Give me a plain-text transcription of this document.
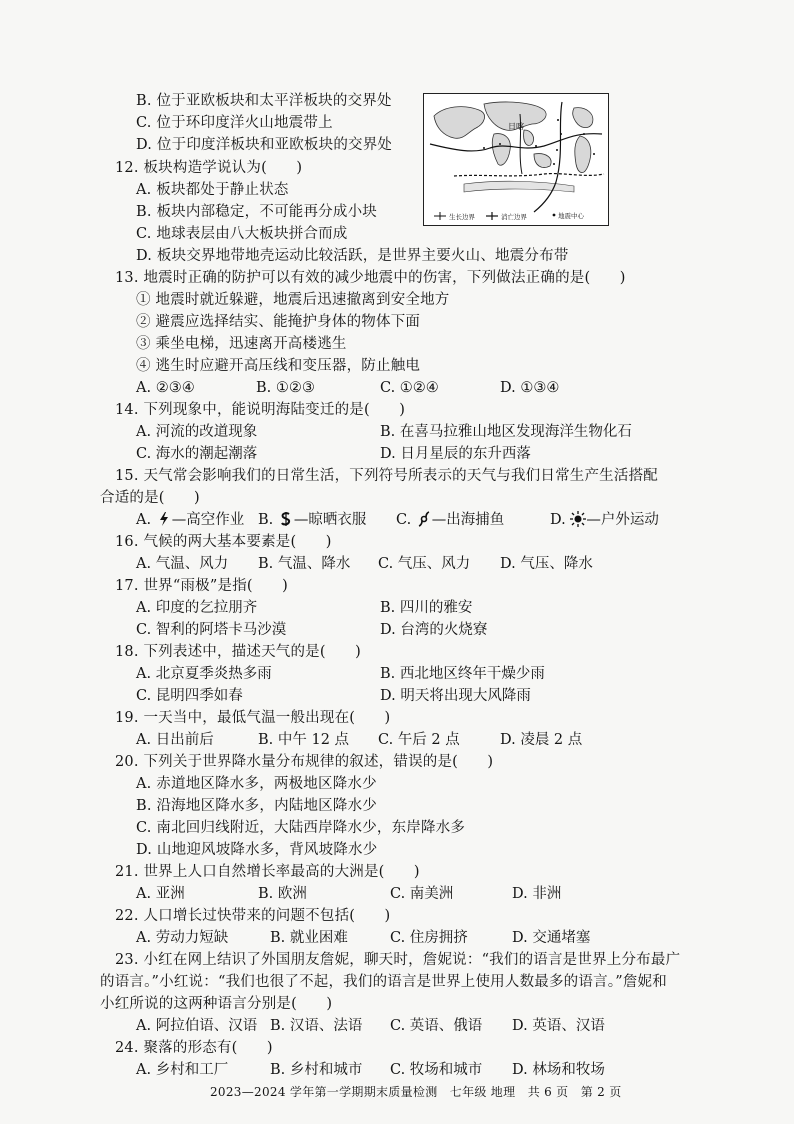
B. 位于亚欧板块和太平洋板块的交界处
C. 位于环印度洋火山地震带上
D. 位于印度洋板块和亚欧板块的交界处
日喀
生长边界	消亡边界	地震中心
12. 板块构造学说认为(　　)
A. 板块都处于静止状态
B. 板块内部稳定，不可能再分成小块
C. 地球表层由八大板块拼合而成
D. 板块交界地带地壳运动比较活跃，是世界主要火山、地震分布带
13. 地震时正确的防护可以有效的减少地震中的伤害，下列做法正确的是(　　)
① 地震时就近躲避，地震后迅速撤离到安全地方
② 避震应选择结实、能掩护身体的物体下面
③ 乘坐电梯，迅速离开高楼逃生
④ 逃生时应避开高压线和变压器，防止触电
A. ②③④	B. ①②③	C. ①②④	D. ①③④
14. 下列现象中，能说明海陆变迁的是(　　)
A. 河流的改道现象	B. 在喜马拉雅山地区发现海洋生物化石
C. 海水的潮起潮落	D. 日月星辰的东升西落
15. 天气常会影响我们的日常生活，下列符号所表示的天气与我们日常生产生活搭配
合适的是(　　)
A. —高空作业 B. —晾晒衣服 C. —出海捕鱼	D. —户外运动
16. 气候的两大基本要素是(　　)
A. 气温、风力 B. 气温、降水 C. 气压、风力 D. 气压、降水
17. 世界“雨极”是指(　　)
A. 印度的乞拉朋齐	B. 四川的雅安
C. 智利的阿塔卡马沙漠	D. 台湾的火烧寮
18. 下列表述中，描述天气的是(　　)
A. 北京夏季炎热多雨	B. 西北地区终年干燥少雨
C. 昆明四季如春	D. 明天将出现大风降雨
19. 一天当中，最低气温一般出现在(　　)
A. 日出前后	B. 中午 12 点 C. 午后 2 点	D. 凌晨 2 点
20. 下列关于世界降水量分布规律的叙述，错误的是(　　)
A. 赤道地区降水多，两极地区降水少
B. 沿海地区降水多，内陆地区降水少
C. 南北回归线附近，大陆西岸降水少，东岸降水多
D. 山地迎风坡降水多，背风坡降水少
21. 世界上人口自然增长率最高的大洲是(　　)
A. 亚洲	B. 欧洲	C. 南美洲	D. 非洲
22. 人口增长过快带来的问题不包括(　　)
A. 劳动力短缺	B. 就业困难	C. 住房拥挤	D. 交通堵塞
23. 小红在网上结识了外国朋友詹妮，聊天时，詹妮说：“我们的语言是世界上分布最广
的语言。”小红说：“我们也很了不起，我们的语言是世界上使用人数最多的语言。”詹妮和
小红所说的这两种语言分别是(　　)
A. 阿拉伯语、汉语 B. 汉语、法语 C. 英语、俄语 D. 英语、汉语
24. 聚落的形态有(　　)
A. 乡村和工厂	B. 乡村和城市 C. 牧场和城市 D. 林场和牧场
2023—2024 学年第一学期期末质量检测　七年级 地理　共 6 页　第 2 页
